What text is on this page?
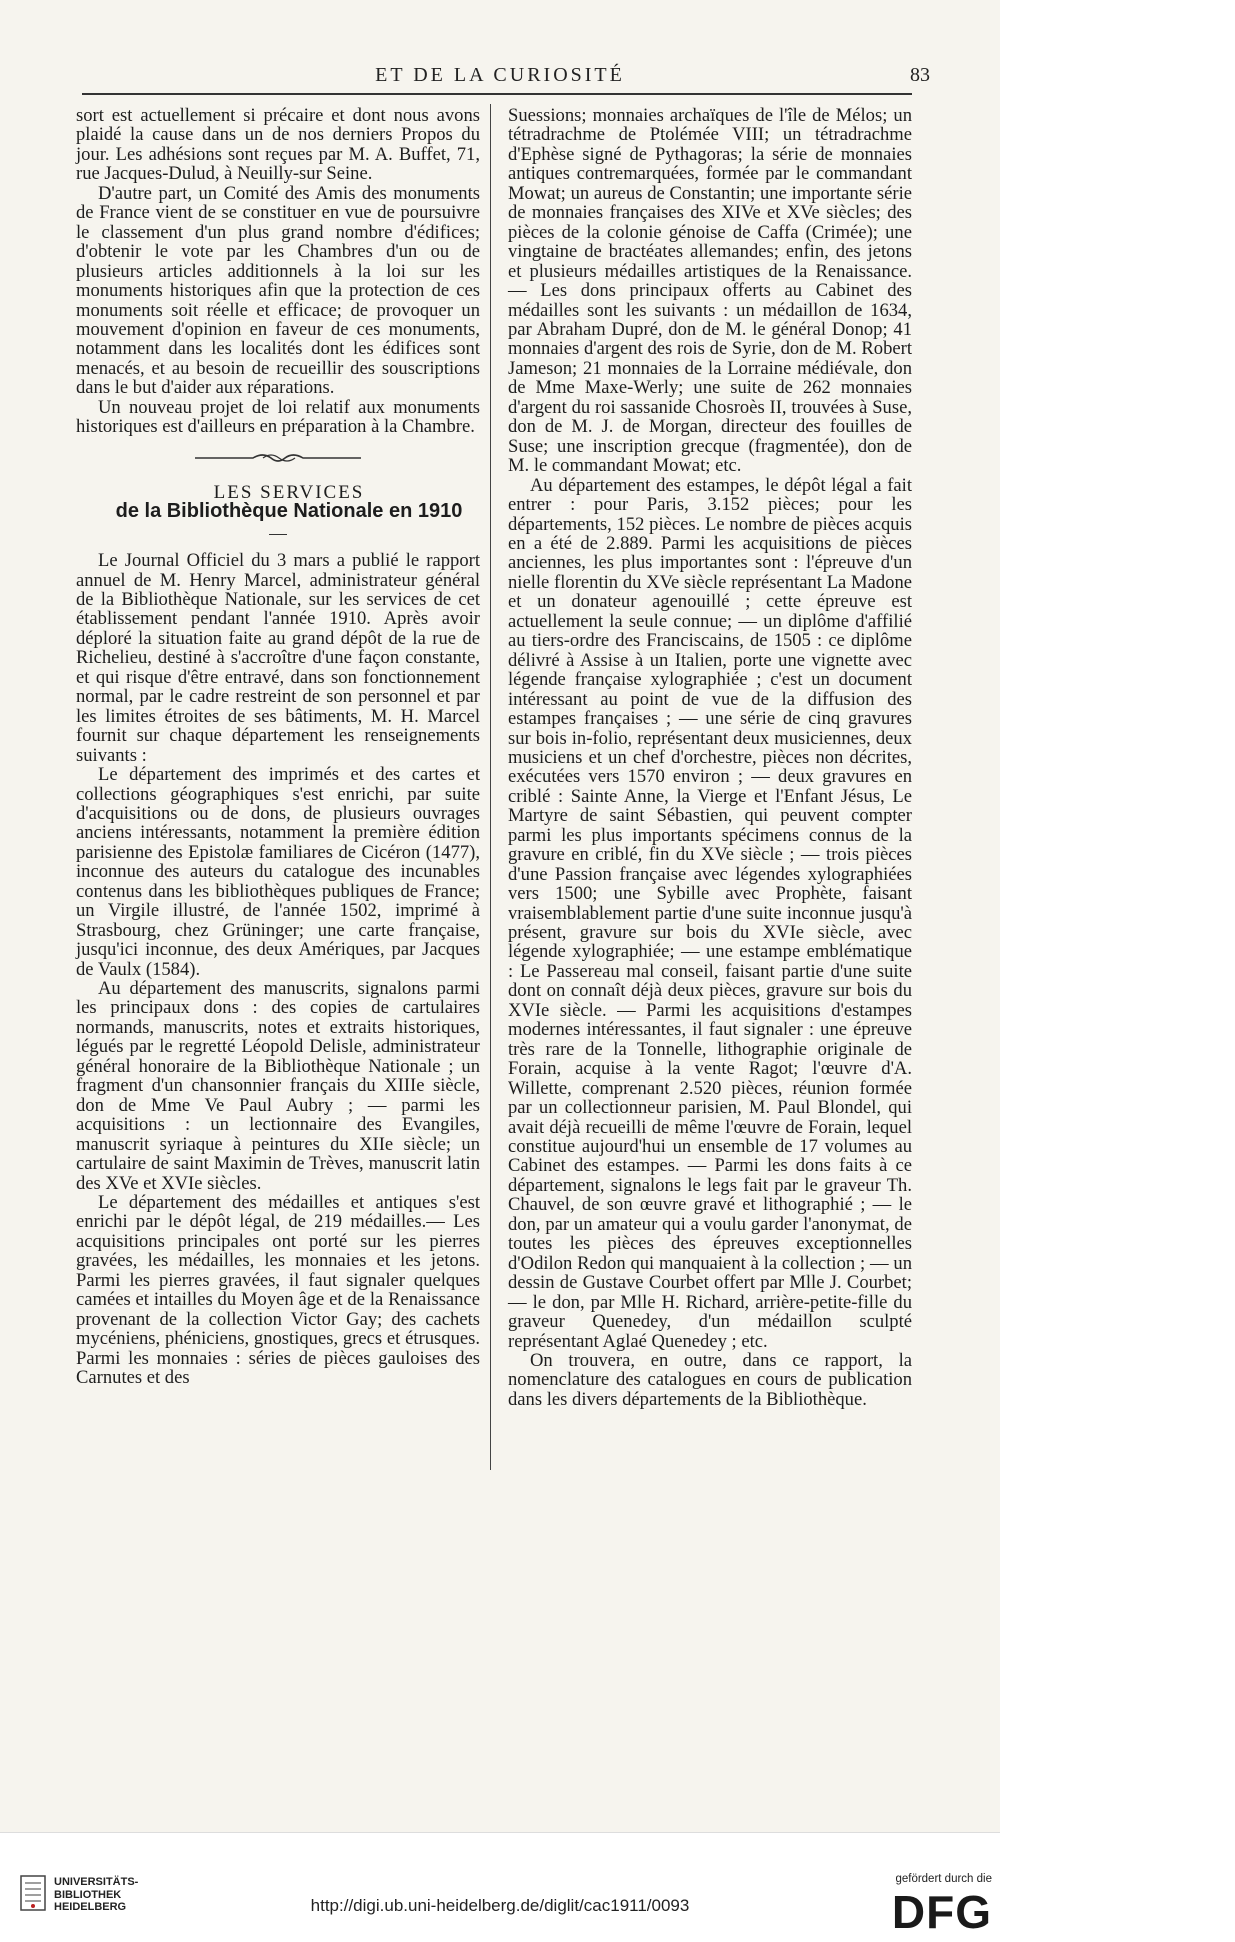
ET DE LA CURIOSITÉ	83

sort est actuellement si précaire et dont nous avons plaidé la cause dans un de nos derniers Propos du jour. Les adhésions sont reçues par M. A. Buffet, 71, rue Jacques-Dulud, à Neuilly-sur Seine.

D'autre part, un Comité des Amis des monuments de France vient de se constituer en vue de poursuivre le classement d'un plus grand nombre d'édifices; d'obtenir le vote par les Chambres d'un ou de plusieurs articles additionnels à la loi sur les monuments historiques afin que la protection de ces monuments soit réelle et efficace; de provoquer un mouvement d'opinion en faveur de ces monuments, notamment dans les localités dont les édifices sont menacés, et au besoin de recueillir des souscriptions dans le but d'aider aux réparations.

Un nouveau projet de loi relatif aux monuments historiques est d'ailleurs en préparation à la Chambre.

LES SERVICES

de la Bibliothèque Nationale en 1910

Le Journal Officiel du 3 mars a publié le rapport annuel de M. Henry Marcel, administrateur général de la Bibliothèque Nationale, sur les services de cet établissement pendant l'année 1910. Après avoir déploré la situation faite au grand dépôt de la rue de Richelieu, destiné à s'accroître d'une façon constante, et qui risque d'être entravé, dans son fonctionnement normal, par le cadre restreint de son personnel et par les limites étroites de ses bâtiments, M. H. Marcel fournit sur chaque département les renseignements suivants :

Le département des imprimés et des cartes et collections géographiques s'est enrichi, par suite d'acquisitions ou de dons, de plusieurs ouvrages anciens intéressants, notamment la première édition parisienne des Epistolæ familiares de Cicéron (1477), inconnue des auteurs du catalogue des incunables contenus dans les bibliothèques publiques de France; un Virgile illustré, de l'année 1502, imprimé à Strasbourg, chez Grüninger; une carte française, jusqu'ici inconnue, des deux Amériques, par Jacques de Vaulx (1584).

Au département des manuscrits, signalons parmi les principaux dons : des copies de cartulaires normands, manuscrits, notes et extraits historiques, légués par le regretté Léopold Delisle, administrateur général honoraire de la Bibliothèque Nationale ; un fragment d'un chansonnier français du XIIIe siècle, don de Mme Ve Paul Aubry ; — parmi les acquisitions : un lectionnaire des Evangiles, manuscrit syriaque à peintures du XIIe siècle; un cartulaire de saint Maximin de Trèves, manuscrit latin des XVe et XVIe siècles.

Le département des médailles et antiques s'est enrichi par le dépôt légal, de 219 médailles.— Les acquisitions principales ont porté sur les pierres gravées, les médailles, les monnaies et les jetons. Parmi les pierres gravées, il faut signaler quelques camées et intailles du Moyen âge et de la Renaissance provenant de la collection Victor Gay; des cachets mycéniens, phéniciens, gnostiques, grecs et étrusques. Parmi les monnaies : séries de pièces gauloises des Carnutes et des

Suessions; monnaies archaïques de l'île de Mélos; un tétradrachme de Ptolémée VIII; un tétradrachme d'Ephèse signé de Pythagoras; la série de monnaies antiques contremarquées, formée par le commandant Mowat; un aureus de Constantin; une importante série de monnaies françaises des XIVe et XVe siècles; des pièces de la colonie génoise de Caffa (Crimée); une vingtaine de bractéates allemandes; enfin, des jetons et plusieurs médailles artistiques de la Renaissance. — Les dons principaux offerts au Cabinet des médailles sont les suivants : un médaillon de 1634, par Abraham Dupré, don de M. le général Donop; 41 monnaies d'argent des rois de Syrie, don de M. Robert Jameson; 21 monnaies de la Lorraine médiévale, don de Mme Maxe-Werly; une suite de 262 monnaies d'argent du roi sassanide Chosroès II, trouvées à Suse, don de M. J. de Morgan, directeur des fouilles de Suse; une inscription grecque (fragmentée), don de M. le commandant Mowat; etc.

Au département des estampes, le dépôt légal a fait entrer : pour Paris, 3.152 pièces; pour les départements, 152 pièces. Le nombre de pièces acquis en a été de 2.889. Parmi les acquisitions de pièces anciennes, les plus importantes sont : l'épreuve d'un nielle florentin du XVe siècle représentant La Madone et un donateur agenouillé ; cette épreuve est actuellement la seule connue; — un diplôme d'affilié au tiers-ordre des Franciscains, de 1505 : ce diplôme délivré à Assise à un Italien, porte une vignette avec légende française xylographiée ; c'est un document intéressant au point de vue de la diffusion des estampes françaises ; — une série de cinq gravures sur bois in-folio, représentant deux musiciennes, deux musiciens et un chef d'orchestre, pièces non décrites, exécutées vers 1570 environ ; — deux gravures en criblé : Sainte Anne, la Vierge et l'Enfant Jésus, Le Martyre de saint Sébastien, qui peuvent compter parmi les plus importants spécimens connus de la gravure en criblé, fin du XVe siècle ; — trois pièces d'une Passion française avec légendes xylographiées vers 1500; une Sybille avec Prophète, faisant vraisemblablement partie d'une suite inconnue jusqu'à présent, gravure sur bois du XVIe siècle, avec légende xylographiée; — une estampe emblématique : Le Passereau mal conseil, faisant partie d'une suite dont on connaît déjà deux pièces, gravure sur bois du XVIe siècle. — Parmi les acquisitions d'estampes modernes intéressantes, il faut signaler : une épreuve très rare de la Tonnelle, lithographie originale de Forain, acquise à la vente Ragot; l'œuvre d'A. Willette, comprenant 2.520 pièces, réunion formée par un collectionneur parisien, M. Paul Blondel, qui avait déjà recueilli de même l'œuvre de Forain, lequel constitue aujourd'hui un ensemble de 17 volumes au Cabinet des estampes. — Parmi les dons faits à ce département, signalons le legs fait par le graveur Th. Chauvel, de son œuvre gravé et lithographié ; — le don, par un amateur qui a voulu garder l'anonymat, de toutes les pièces des épreuves exceptionnelles d'Odilon Redon qui manquaient à la collection ; — un dessin de Gustave Courbet offert par Mlle J. Courbet; — le don, par Mlle H. Richard, arrière-petite-fille du graveur Quenedey, d'un médaillon sculpté représentant Aglaé Quenedey ; etc.

On trouvera, en outre, dans ce rapport, la nomenclature des catalogues en cours de publication dans les divers départements de la Bibliothèque.

UNIVERSITÄTS-
BIBLIOTHEK
HEIDELBERG	http://digi.ub.uni-heidelberg.de/diglit/cac1911/0093
gefördert durch die
DFG
